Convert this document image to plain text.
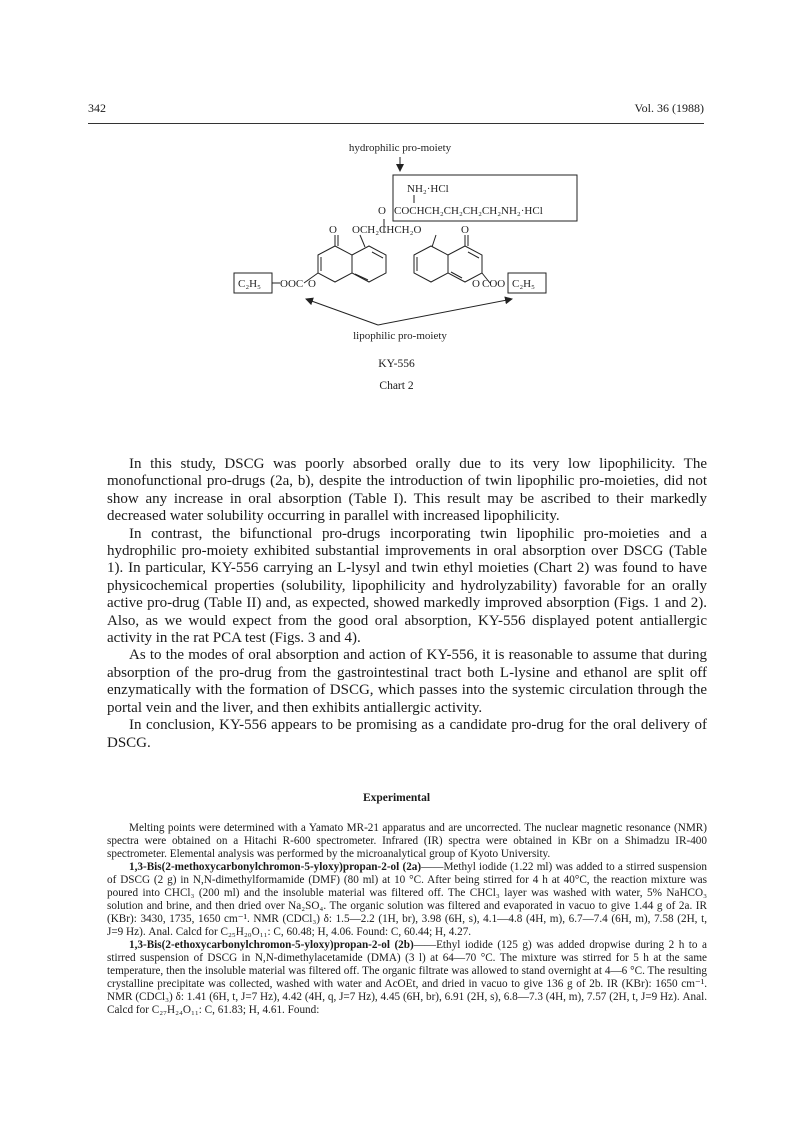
342	Vol. 36 (1988)
hydrophilic pro-moiety
NH₂·HCl
O COCHCH₂CH₂CH₂CH₂NH₂·HCl
O OCH₂CHCH₂O	O
C₂H₅ OOC O	O COO C₂H₅
lipophilic pro-moiety
KY-556
Chart 2

In this study, DSCG was poorly absorbed orally due to its very low lipophilicity. The monofunctional pro-drugs (2a, b), despite the introduction of twin lipophilic pro-moieties, did not show any increase in oral absorption (Table I). This result may be ascribed to their markedly decreased water solubility occurring in parallel with increased lipophilicity.

In contrast, the bifunctional pro-drugs incorporating twin lipophilic pro-moieties and a hydrophilic pro-moiety exhibited substantial improvements in oral absorption over DSCG (Table 1). In particular, KY-556 carrying an L-lysyl and twin ethyl moieties (Chart 2) was found to have physicochemical properties (solubility, lipophilicity and hydrolyzability) favorable for an orally active pro-drug (Table II) and, as expected, showed markedly improved absorption (Figs. 1 and 2). Also, as we would expect from the good oral absorption, KY-556 displayed potent antiallergic activity in the rat PCA test (Figs. 3 and 4).

As to the modes of oral absorption and action of KY-556, it is reasonable to assume that during absorption of the pro-drug from the gastrointestinal tract both L-lysine and ethanol are split off enzymatically with the formation of DSCG, which passes into the systemic circulation through the portal vein and the liver, and then exhibits antiallergic activity.

In conclusion, KY-556 appears to be promising as a candidate pro-drug for the oral delivery of DSCG.

Experimental

Melting points were determined with a Yamato MR-21 apparatus and are uncorrected. The nuclear magnetic resonance (NMR) spectra were obtained on a Hitachi R-600 spectrometer. Infrared (IR) spectra were obtained in KBr on a Shimadzu IR-400 spectrometer. Elemental analysis was performed by the microanalytical group of Kyoto University.

1,3-Bis(2-methoxycarbonylchromon-5-yloxy)propan-2-ol (2a)——Methyl iodide (1.22 ml) was added to a stirred suspension of DSCG (2 g) in N,N-dimethylformamide (DMF) (80 ml) at 10 °C. After being stirred for 4 h at 40°C, the reaction mixture was poured into CHCl₃ (200 ml) and the insoluble material was filtered off. The CHCl₃ layer was washed with water, 5% NaHCO₃ solution and brine, and then dried over Na₂SO₄. The organic solution was filtered and evaporated in vacuo to give 1.44 g of 2a. IR (KBr): 3430, 1735, 1650 cm⁻¹. NMR (CDCl₃) δ: 1.5—2.2 (1H, br), 3.98 (6H, s), 4.1—4.8 (4H, m), 6.7—7.4 (6H, m), 7.58 (2H, t, J=9 Hz). Anal. Calcd for C₂₅H₂₀O₁₁: C, 60.48; H, 4.06. Found: C, 60.44; H, 4.27.

1,3-Bis(2-ethoxycarbonylchromon-5-yloxy)propan-2-ol (2b)——Ethyl iodide (125 g) was added dropwise during 2 h to a stirred suspension of DSCG in N,N-dimethylacetamide (DMA) (3 l) at 64—70 °C. The mixture was stirred for 5 h at the same temperature, then the insoluble material was filtered off. The organic filtrate was allowed to stand overnight at 4—6 °C. The resulting crystalline precipitate was collected, washed with water and AcOEt, and dried in vacuo to give 136 g of 2b. IR (KBr): 1650 cm⁻¹. NMR (CDCl₃) δ: 1.41 (6H, t, J=7 Hz), 4.42 (4H, q, J=7 Hz), 4.45 (6H, br), 6.91 (2H, s), 6.8—7.3 (4H, m), 7.57 (2H, t, J=9 Hz). Anal. Calcd for C₂₇H₂₄O₁₁: C, 61.83; H, 4.61. Found:
